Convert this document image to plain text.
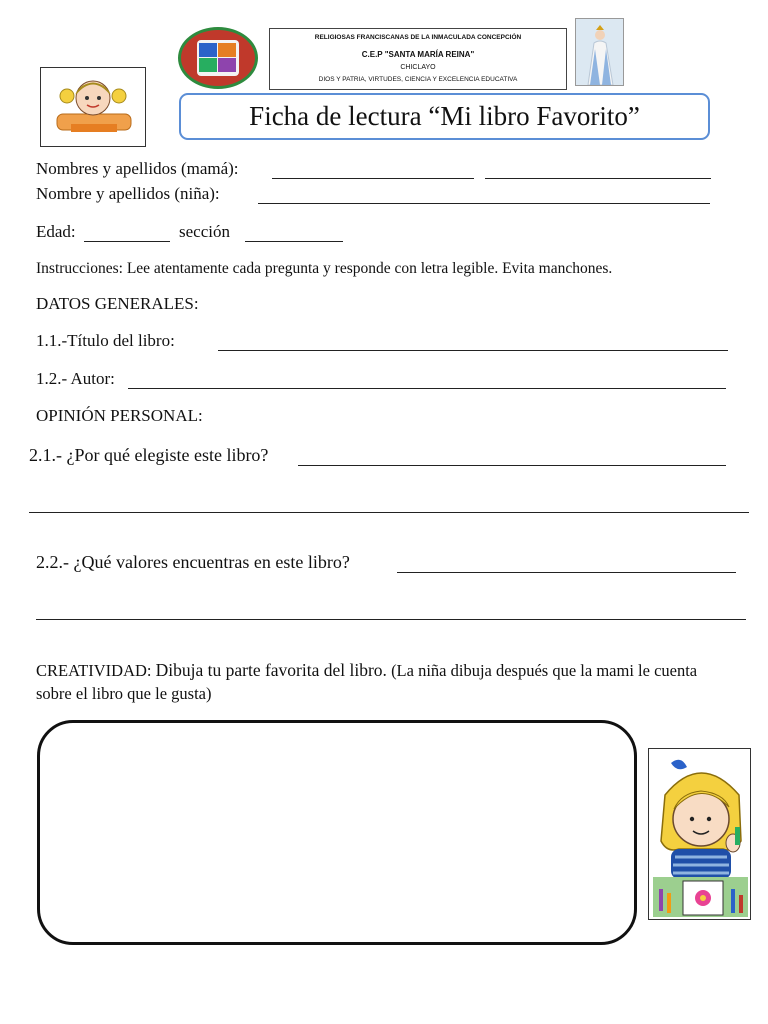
RELIGIOSAS FRANCISCANAS DE LA INMACULADA CONCEPCIÓN
C.E.P "SANTA MARÍA REINA"
CHICLAYO
DIOS Y PATRIA, VIRTUDES, CIENCIA Y EXCELENCIA EDUCATIVA
Ficha de lectura “Mi libro Favorito”
Nombres y apellidos (mamá):
Nombre y apellidos (niña):
Edad:	sección
Instrucciones: Lee atentamente cada pregunta y responde con letra legible. Evita manchones.
DATOS GENERALES:
1.1.-Título del libro:
1.2.- Autor:
OPINIÓN PERSONAL:
2.1.- ¿Por qué elegiste este libro?
2.2.- ¿Qué valores encuentras en este libro?
CREATIVIDAD: Dibuja tu parte favorita del libro. (La niña dibuja después que la mami le cuenta
sobre el libro que le gusta)
